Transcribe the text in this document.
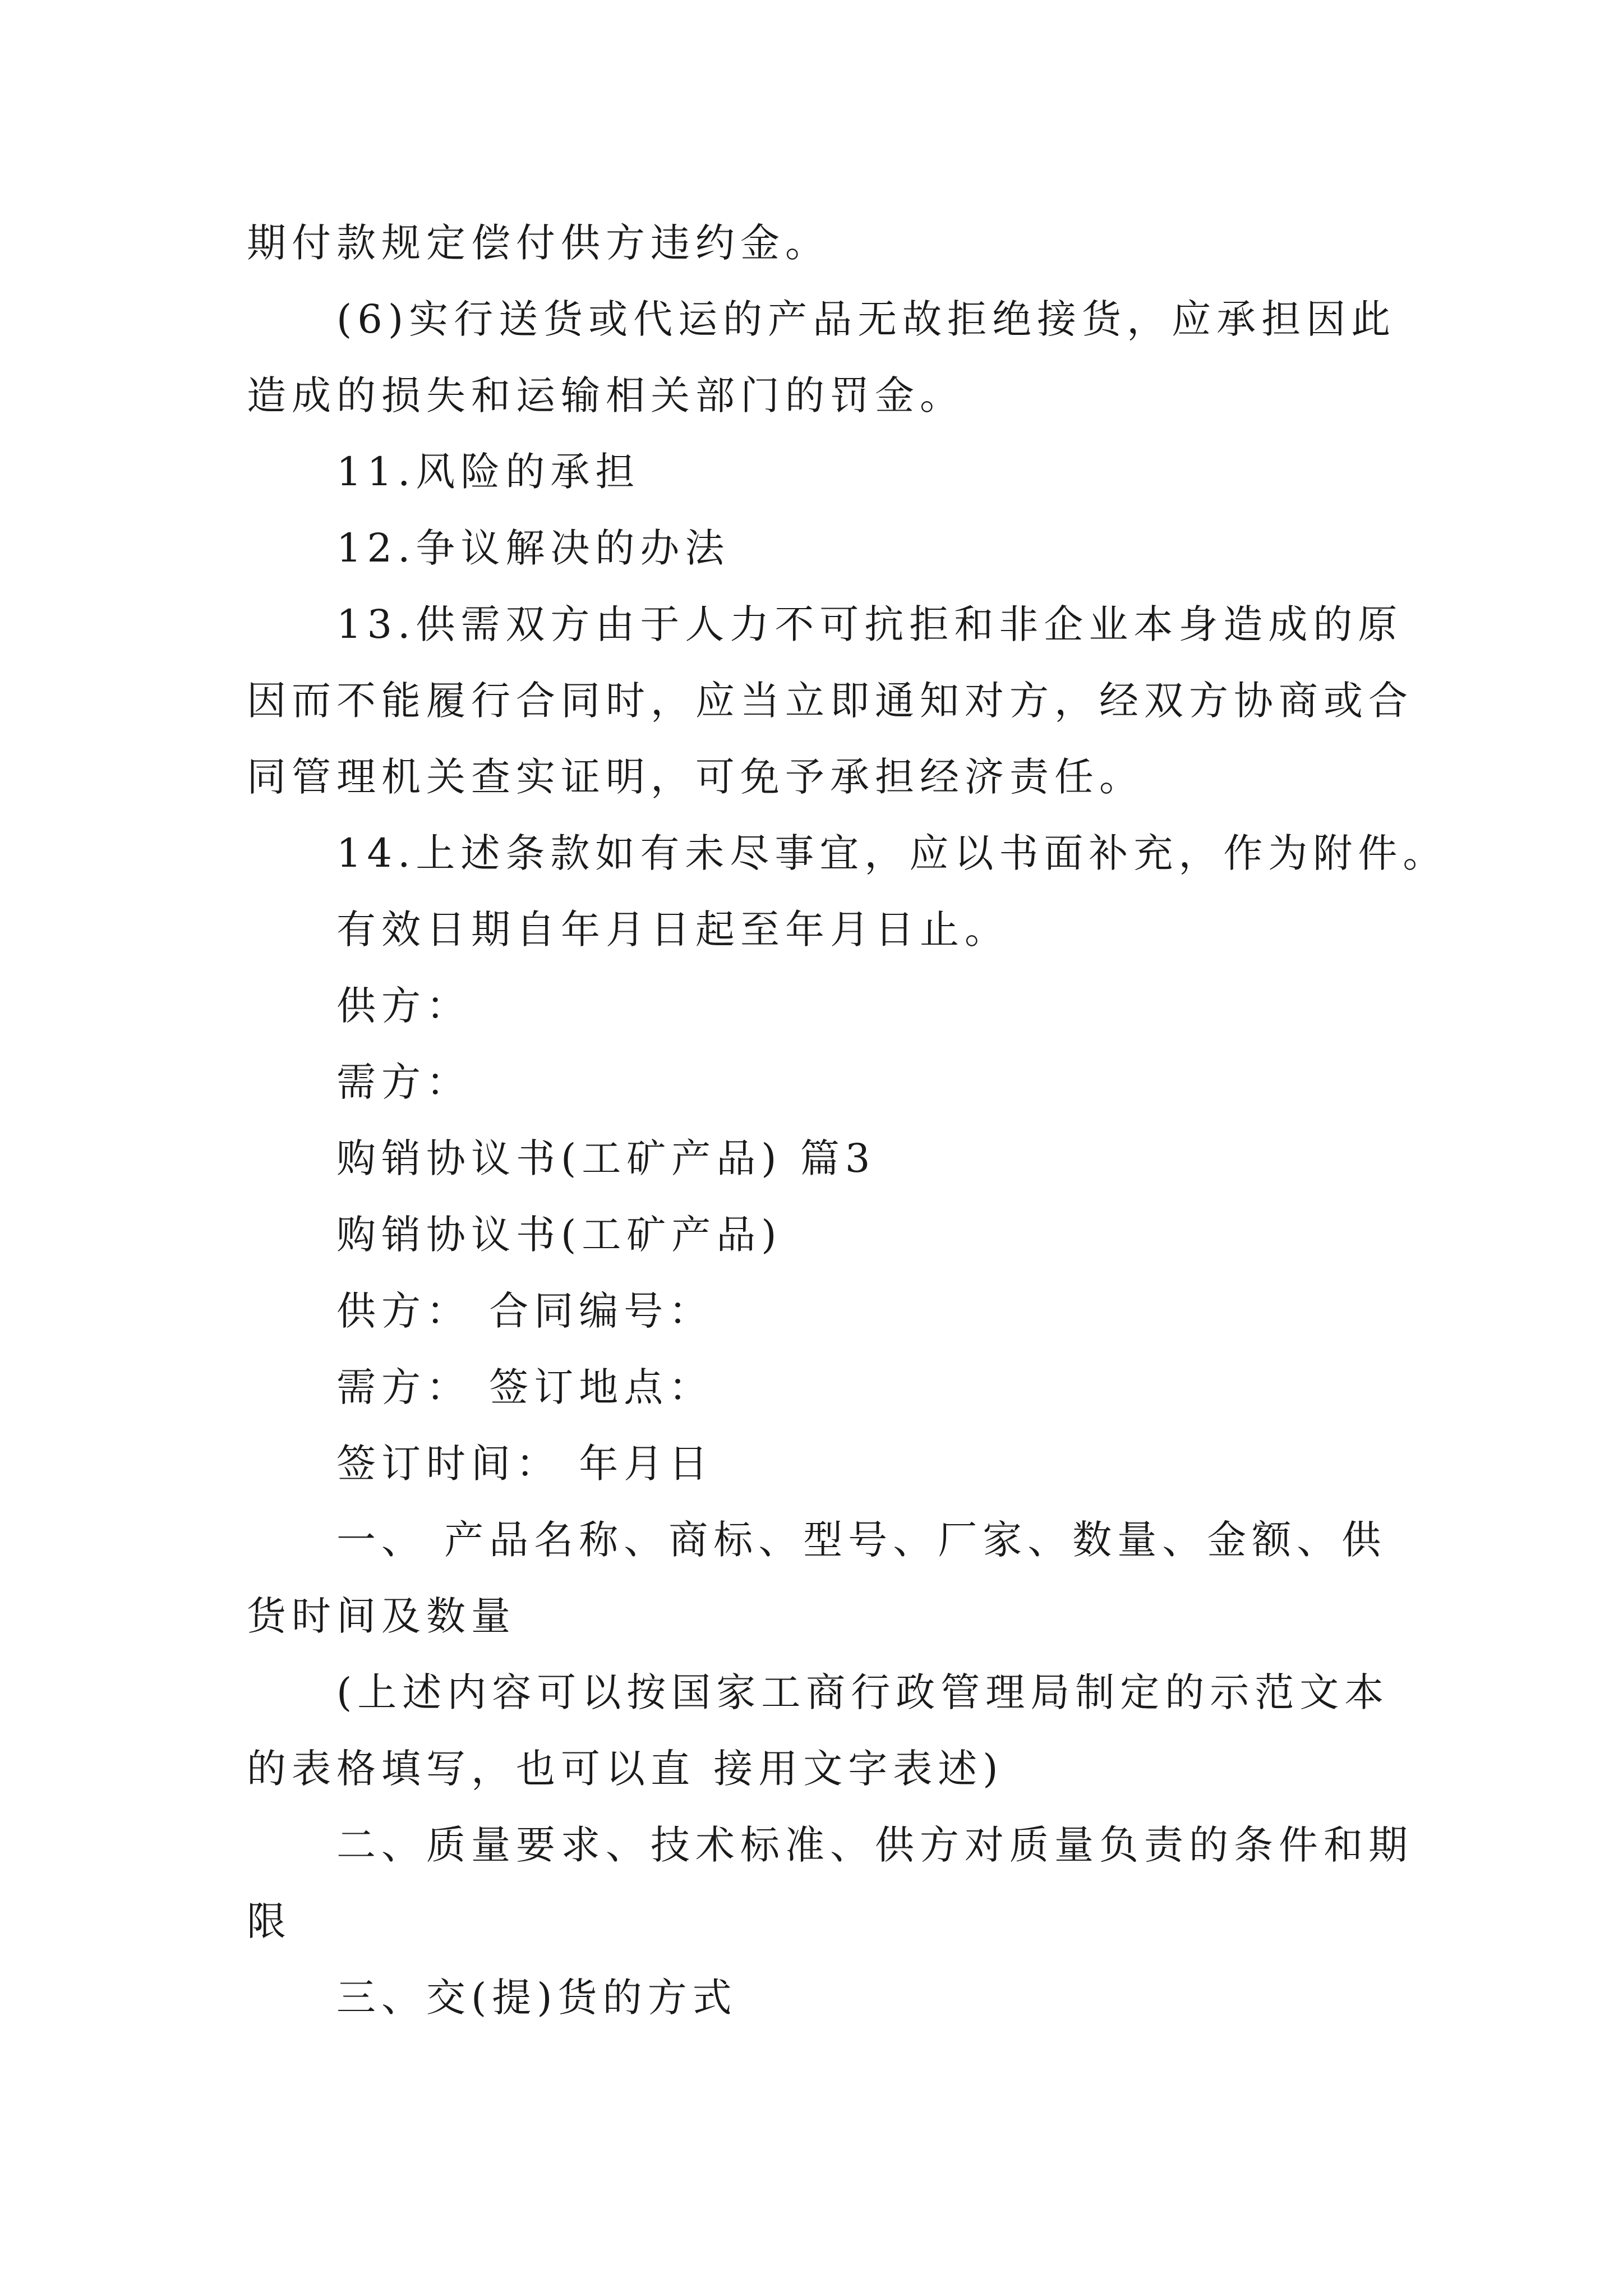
期付款规定偿付供方违约金。
(6)实行送货或代运的产品无故拒绝接货，应承担因此
造成的损失和运输相关部门的罚金。
11.风险的承担
12.争议解决的办法
13.供需双方由于人力不可抗拒和非企业本身造成的原
因而不能履行合同时，应当立即通知对方，经双方协商或合
同管理机关查实证明，可免予承担经济责任。
14.上述条款如有未尽事宜，应以书面补充，作为附件。
有效日期自年月日起至年月日止。
供方：
需方：
购销协议书(工矿产品) 篇3
购销协议书(工矿产品)
供方： 合同编号：
需方： 签订地点：
签订时间： 年月日
一、 产品名称、商标、型号、厂家、数量、金额、供
货时间及数量
(上述内容可以按国家工商行政管理局制定的示范文本
的表格填写，也可以直 接用文字表述)
二、质量要求、技术标准、供方对质量负责的条件和期
限
三、交(提)货的方式
